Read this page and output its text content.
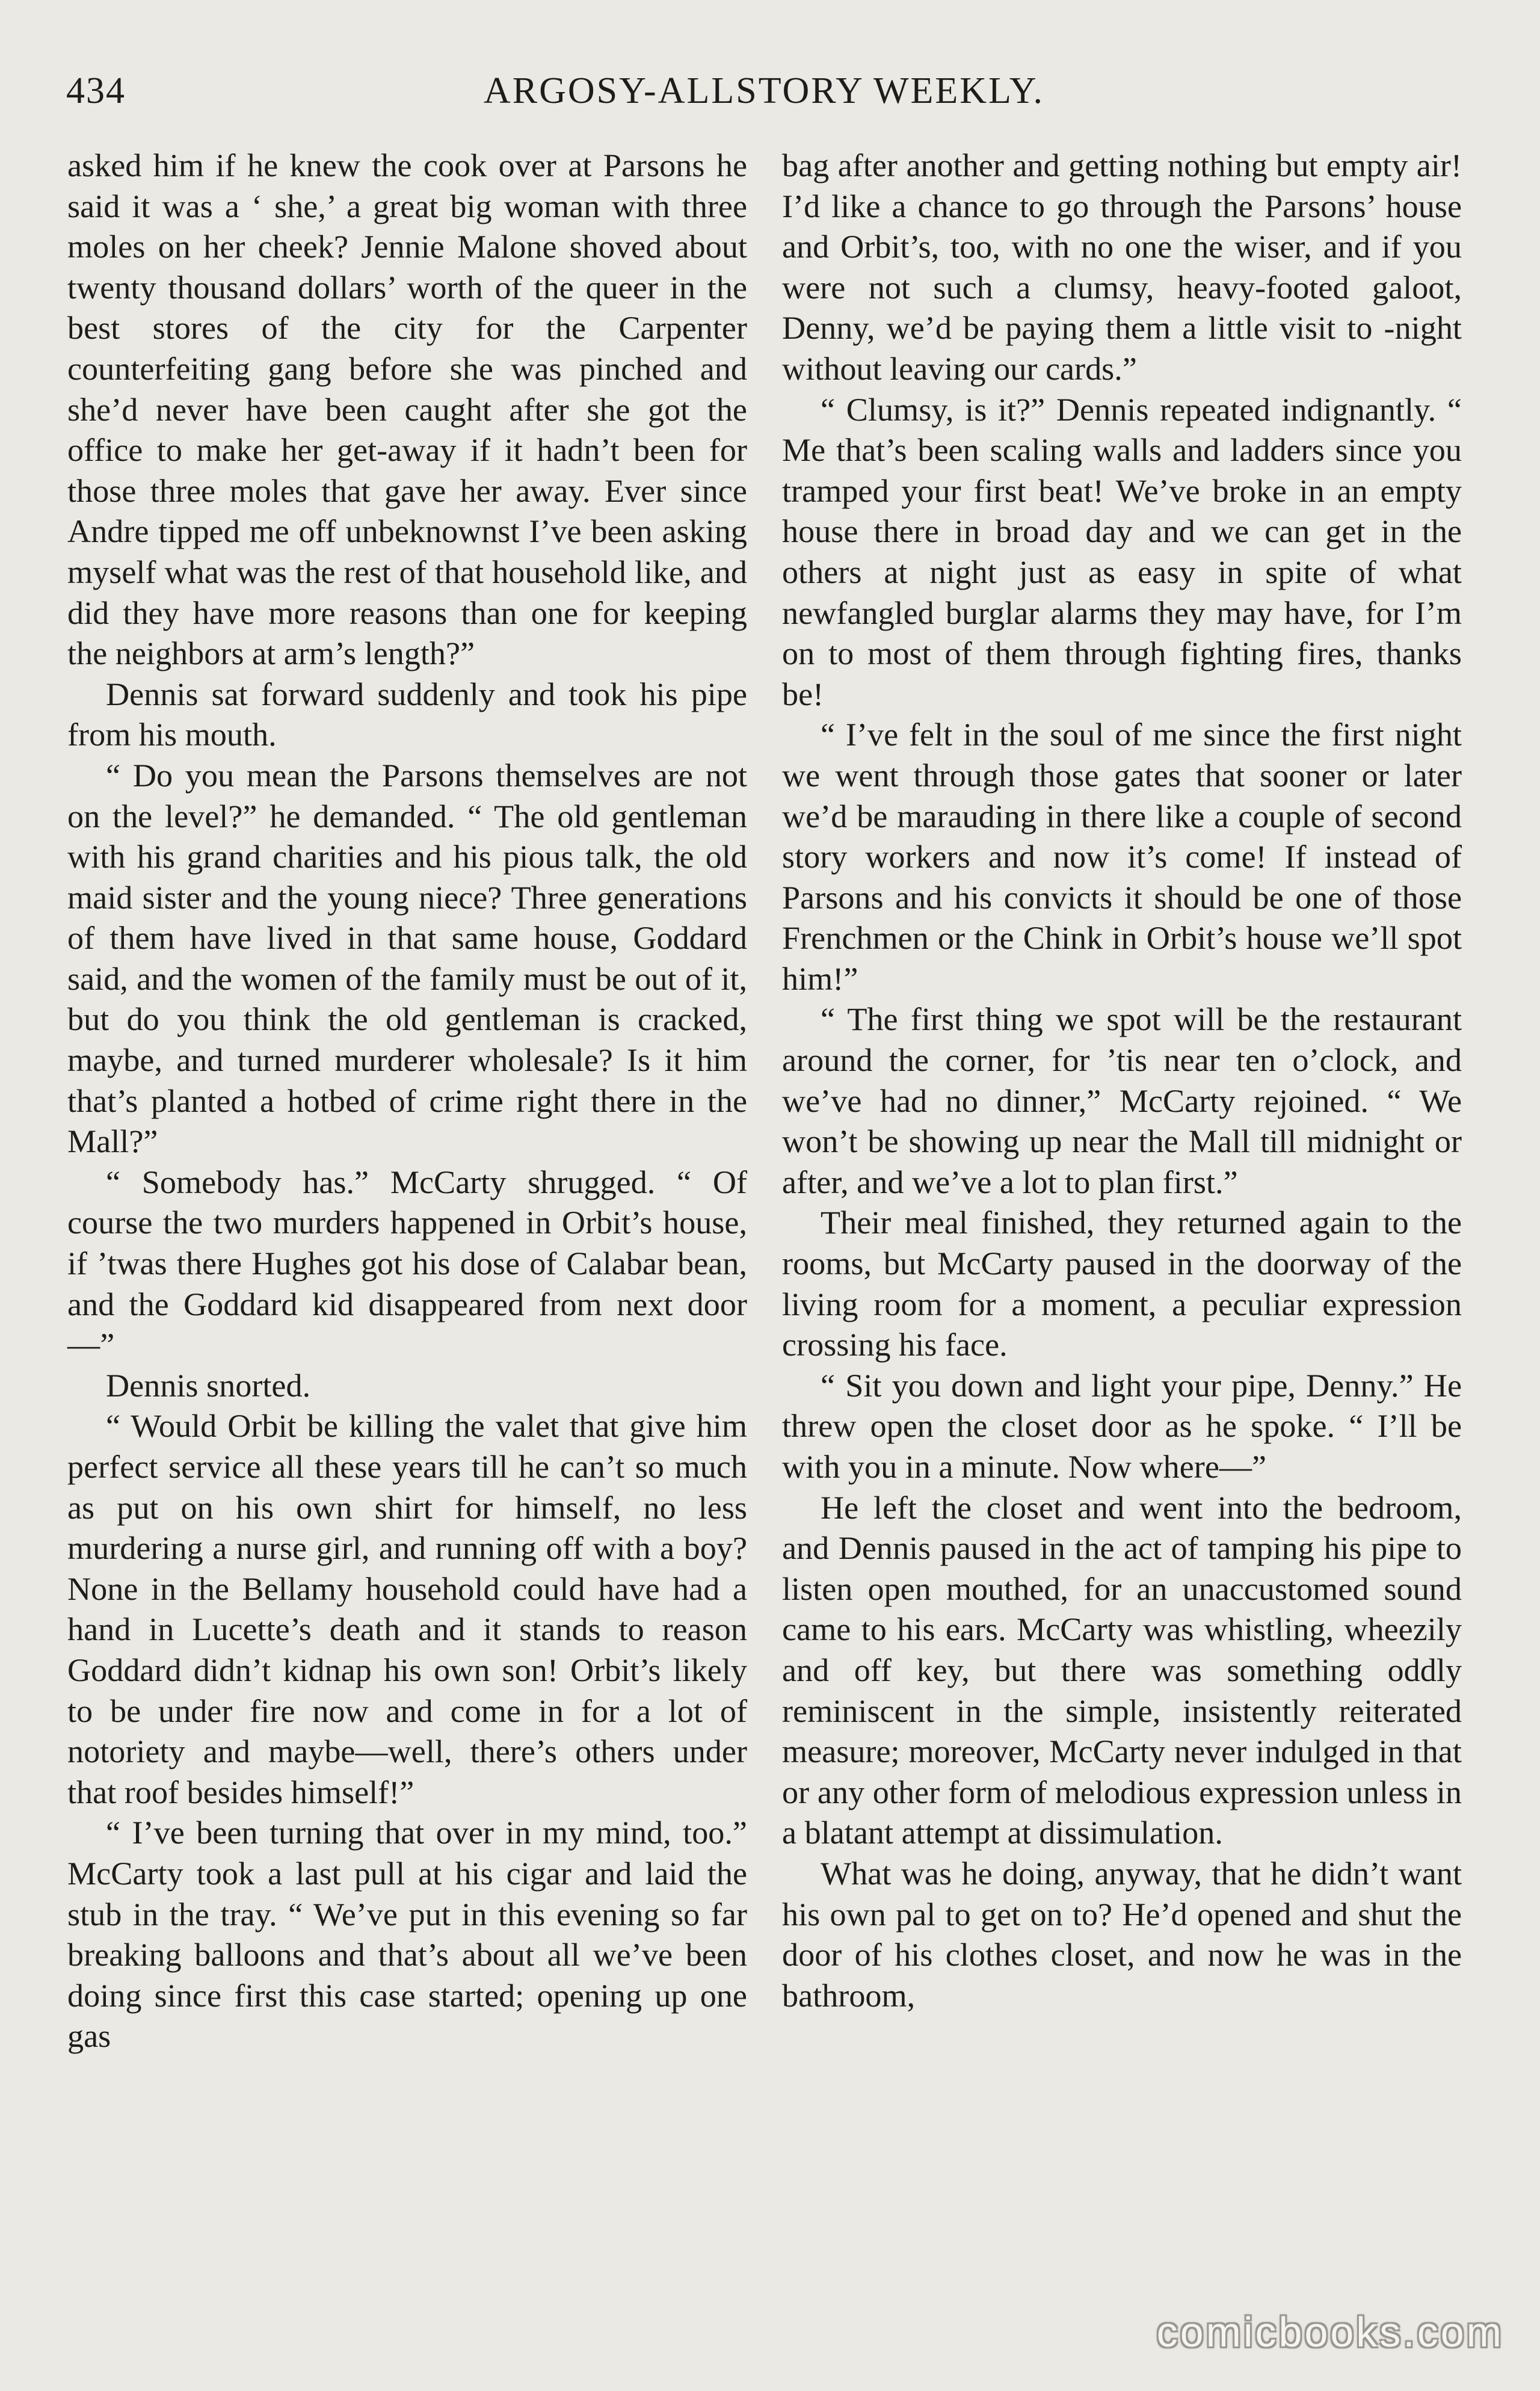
434	ARGOSY-ALLSTORY WEEKLY.

asked him if he knew the cook over at Parsons he said it was a ‘ she,’ a great big woman with three moles on her cheek? Jennie Malone shoved about twenty thousand dollars’ worth of the queer in the best stores of the city for the Carpenter counterfeiting gang before she was pinched and she’d never have been caught after she got the office to make her get-away if it hadn’t been for those three moles that gave her away. Ever since Andre tipped me off unbeknownst I’ve been asking myself what was the rest of that household like, and did they have more reasons than one for keeping the neighbors at arm’s length?”

Dennis sat forward suddenly and took his pipe from his mouth.

“ Do you mean the Parsons themselves are not on the level?” he demanded. “ The old gentleman with his grand charities and his pious talk, the old maid sister and the young niece? Three generations of them have lived in that same house, Goddard said, and the women of the family must be out of it, but do you think the old gentleman is cracked, maybe, and turned murderer wholesale? Is it him that’s planted a hotbed of crime right there in the Mall?”

“ Somebody has.” McCarty shrugged. “ Of course the two murders happened in Orbit’s house, if ’twas there Hughes got his dose of Calabar bean, and the Goddard kid disappeared from next door—”

Dennis snorted.

“ Would Orbit be killing the valet that give him perfect service all these years till he can’t so much as put on his own shirt for himself, no less murdering a nurse girl, and running off with a boy? None in the Bellamy household could have had a hand in Lucette’s death and it stands to reason Goddard didn’t kidnap his own son! Orbit’s likely to be under fire now and come in for a lot of notoriety and maybe—well, there’s others under that roof besides himself!”

“ I’ve been turning that over in my mind, too.” McCarty took a last pull at his cigar and laid the stub in the tray. “ We’ve put in this evening so far breaking balloons and that’s about all we’ve been doing since first this case started; opening up one gas

bag after another and getting nothing but empty air! I’d like a chance to go through the Parsons’ house and Orbit’s, too, with no one the wiser, and if you were not such a clumsy, heavy-footed galoot, Denny, we’d be paying them a little visit to -night without leaving our cards.”

“ Clumsy, is it?” Dennis repeated indignantly. “ Me that’s been scaling walls and ladders since you tramped your first beat! We’ve broke in an empty house there in broad day and we can get in the others at night just as easy in spite of what newfangled burglar alarms they may have, for I’m on to most of them through fighting fires, thanks be!

“ I’ve felt in the soul of me since the first night we went through those gates that sooner or later we’d be marauding in there like a couple of second story workers and now it’s come! If instead of Parsons and his convicts it should be one of those Frenchmen or the Chink in Orbit’s house we’ll spot him!”

“ The first thing we spot will be the restaurant around the corner, for ’tis near ten o’clock, and we’ve had no dinner,” McCarty rejoined. “ We won’t be showing up near the Mall till midnight or after, and we’ve a lot to plan first.”

Their meal finished, they returned again to the rooms, but McCarty paused in the doorway of the living room for a moment, a peculiar expression crossing his face.

“ Sit you down and light your pipe, Denny.” He threw open the closet door as he spoke. “ I’ll be with you in a minute. Now where—”

He left the closet and went into the bedroom, and Dennis paused in the act of tamping his pipe to listen open mouthed, for an unaccustomed sound came to his ears. McCarty was whistling, wheezily and off key, but there was something oddly reminiscent in the simple, insistently reiterated measure; moreover, McCarty never indulged in that or any other form of melodious expression unless in a blatant attempt at dissimulation.

What was he doing, anyway, that he didn’t want his own pal to get on to? He’d opened and shut the door of his clothes closet, and now he was in the bathroom,

comicbooks.com
